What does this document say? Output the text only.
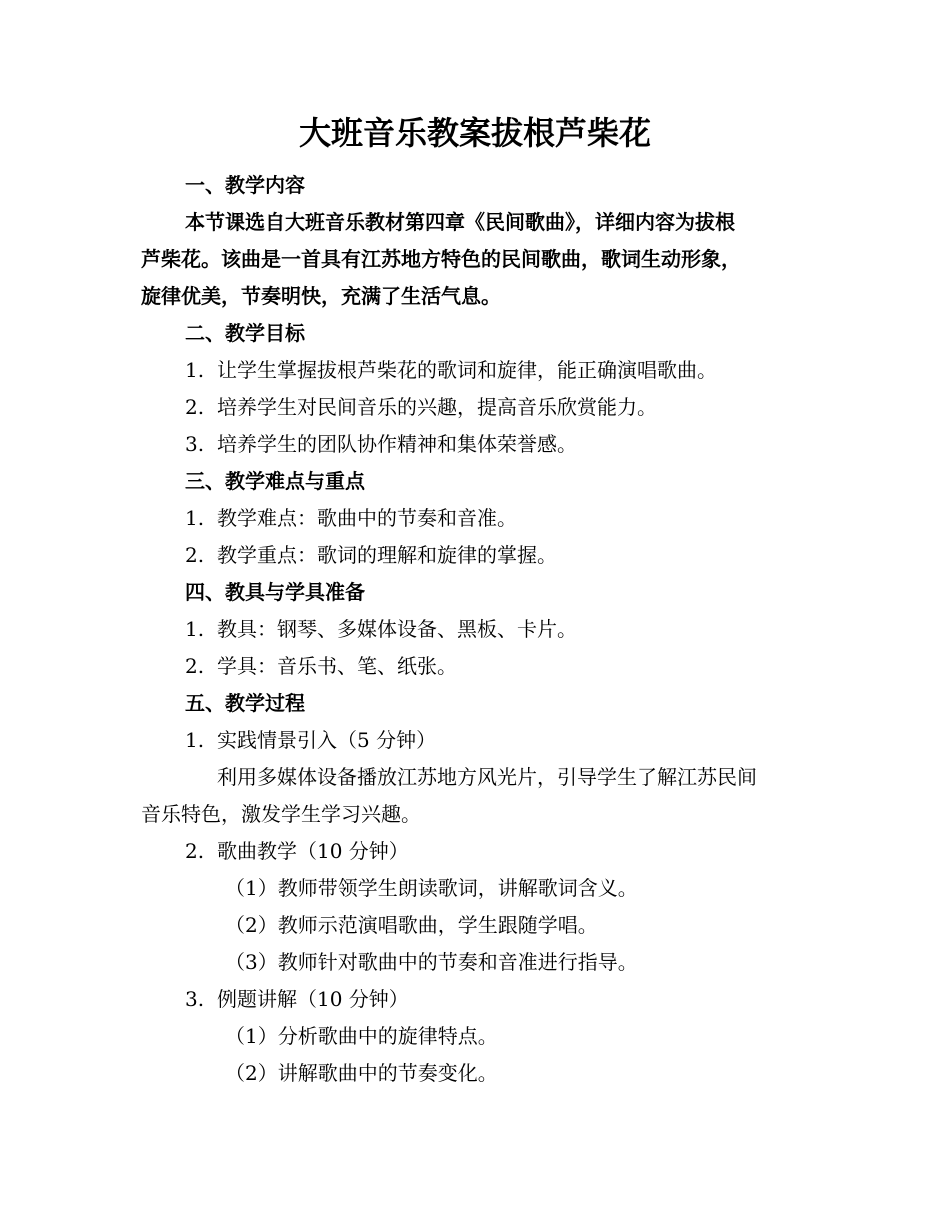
大班音乐教案拔根芦柴花
一、教学内容
本节课选自大班音乐教材第四章《民间歌曲》，详细内容为拔根
芦柴花。该曲是一首具有江苏地方特色的民间歌曲，歌词生动形象，
旋律优美，节奏明快，充满了生活气息。
二、教学目标
1. 让学生掌握拔根芦柴花的歌词和旋律，能正确演唱歌曲。
2. 培养学生对民间音乐的兴趣，提高音乐欣赏能力。
3. 培养学生的团队协作精神和集体荣誉感。
三、教学难点与重点
1. 教学难点：歌曲中的节奏和音准。
2. 教学重点：歌词的理解和旋律的掌握。
四、教具与学具准备
1. 教具：钢琴、多媒体设备、黑板、卡片。
2. 学具：音乐书、笔、纸张。
五、教学过程
1. 实践情景引入（5 分钟）
利用多媒体设备播放江苏地方风光片，引导学生了解江苏民间
音乐特色，激发学生学习兴趣。
2. 歌曲教学（10 分钟）
（1）教师带领学生朗读歌词，讲解歌词含义。
（2）教师示范演唱歌曲，学生跟随学唱。
（3）教师针对歌曲中的节奏和音准进行指导。
3. 例题讲解（10 分钟）
（1）分析歌曲中的旋律特点。
（2）讲解歌曲中的节奏变化。
